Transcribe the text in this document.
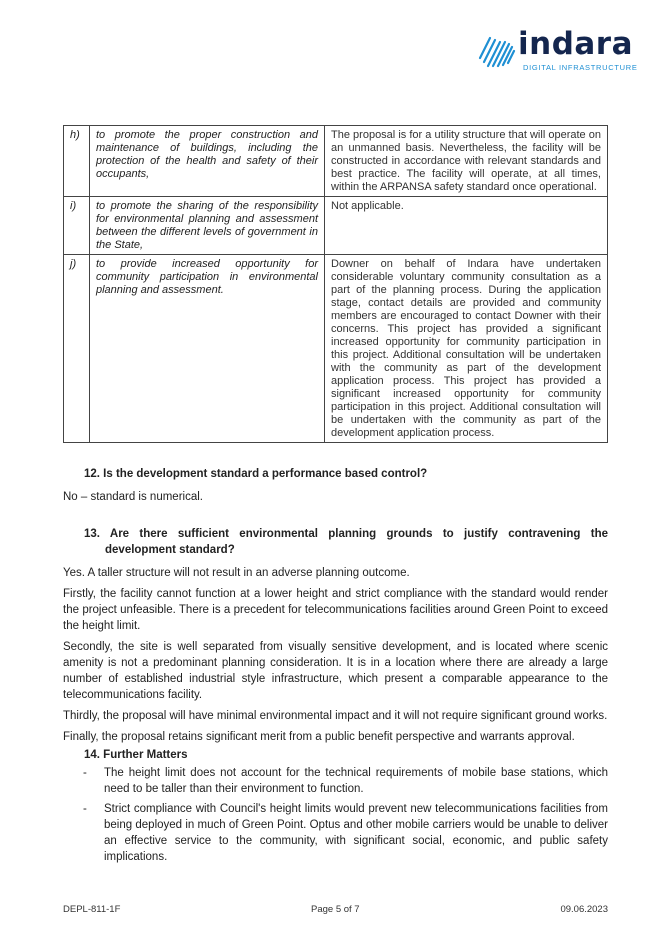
indara
DIGITAL INFRASTRUCTURE
h)	to promote the proper construction and maintenance of buildings, including the protection of the health and safety of their occupants,	The proposal is for a utility structure that will operate on an unmanned basis. Nevertheless, the facility will be constructed in accordance with relevant standards and best practice. The facility will operate, at all times, within the ARPANSA safety standard once operational.
i)	to promote the sharing of the responsibility for environmental planning and assessment between the different levels of government in the State,	Not applicable.
j)	to provide increased opportunity for community participation in environmental planning and assessment.	Downer on behalf of Indara have undertaken considerable voluntary community consultation as a part of the planning process. During the application stage, contact details are provided and community members are encouraged to contact Downer with their concerns. This project has provided a significant increased opportunity for community participation in this project. Additional consultation will be undertaken with the community as part of the development application process. This project has provided a significant increased opportunity for community participation in this project. Additional consultation will be undertaken with the community as part of the development application process.
12. Is the development standard a performance based control?
No – standard is numerical.
13. Are there sufficient environmental planning grounds to justify contravening the development standard?
Yes. A taller structure will not result in an adverse planning outcome.
Firstly, the facility cannot function at a lower height and strict compliance with the standard would render the project unfeasible. There is a precedent for telecommunications facilities around Green Point to exceed the height limit.
Secondly, the site is well separated from visually sensitive development, and is located where scenic amenity is not a predominant planning consideration. It is in a location where there are already a large number of established industrial style infrastructure, which present a comparable appearance to the telecommunications facility.
Thirdly, the proposal will have minimal environmental impact and it will not require significant ground works.
Finally, the proposal retains significant merit from a public benefit perspective and warrants approval.
14. Further Matters
- The height limit does not account for the technical requirements of mobile base stations, which need to be taller than their environment to function.
- Strict compliance with Council's height limits would prevent new telecommunications facilities from being deployed in much of Green Point. Optus and other mobile carriers would be unable to deliver an effective service to the community, with significant social, economic, and public safety implications.
DEPL-811-1F	Page 5 of 7	09.06.2023
